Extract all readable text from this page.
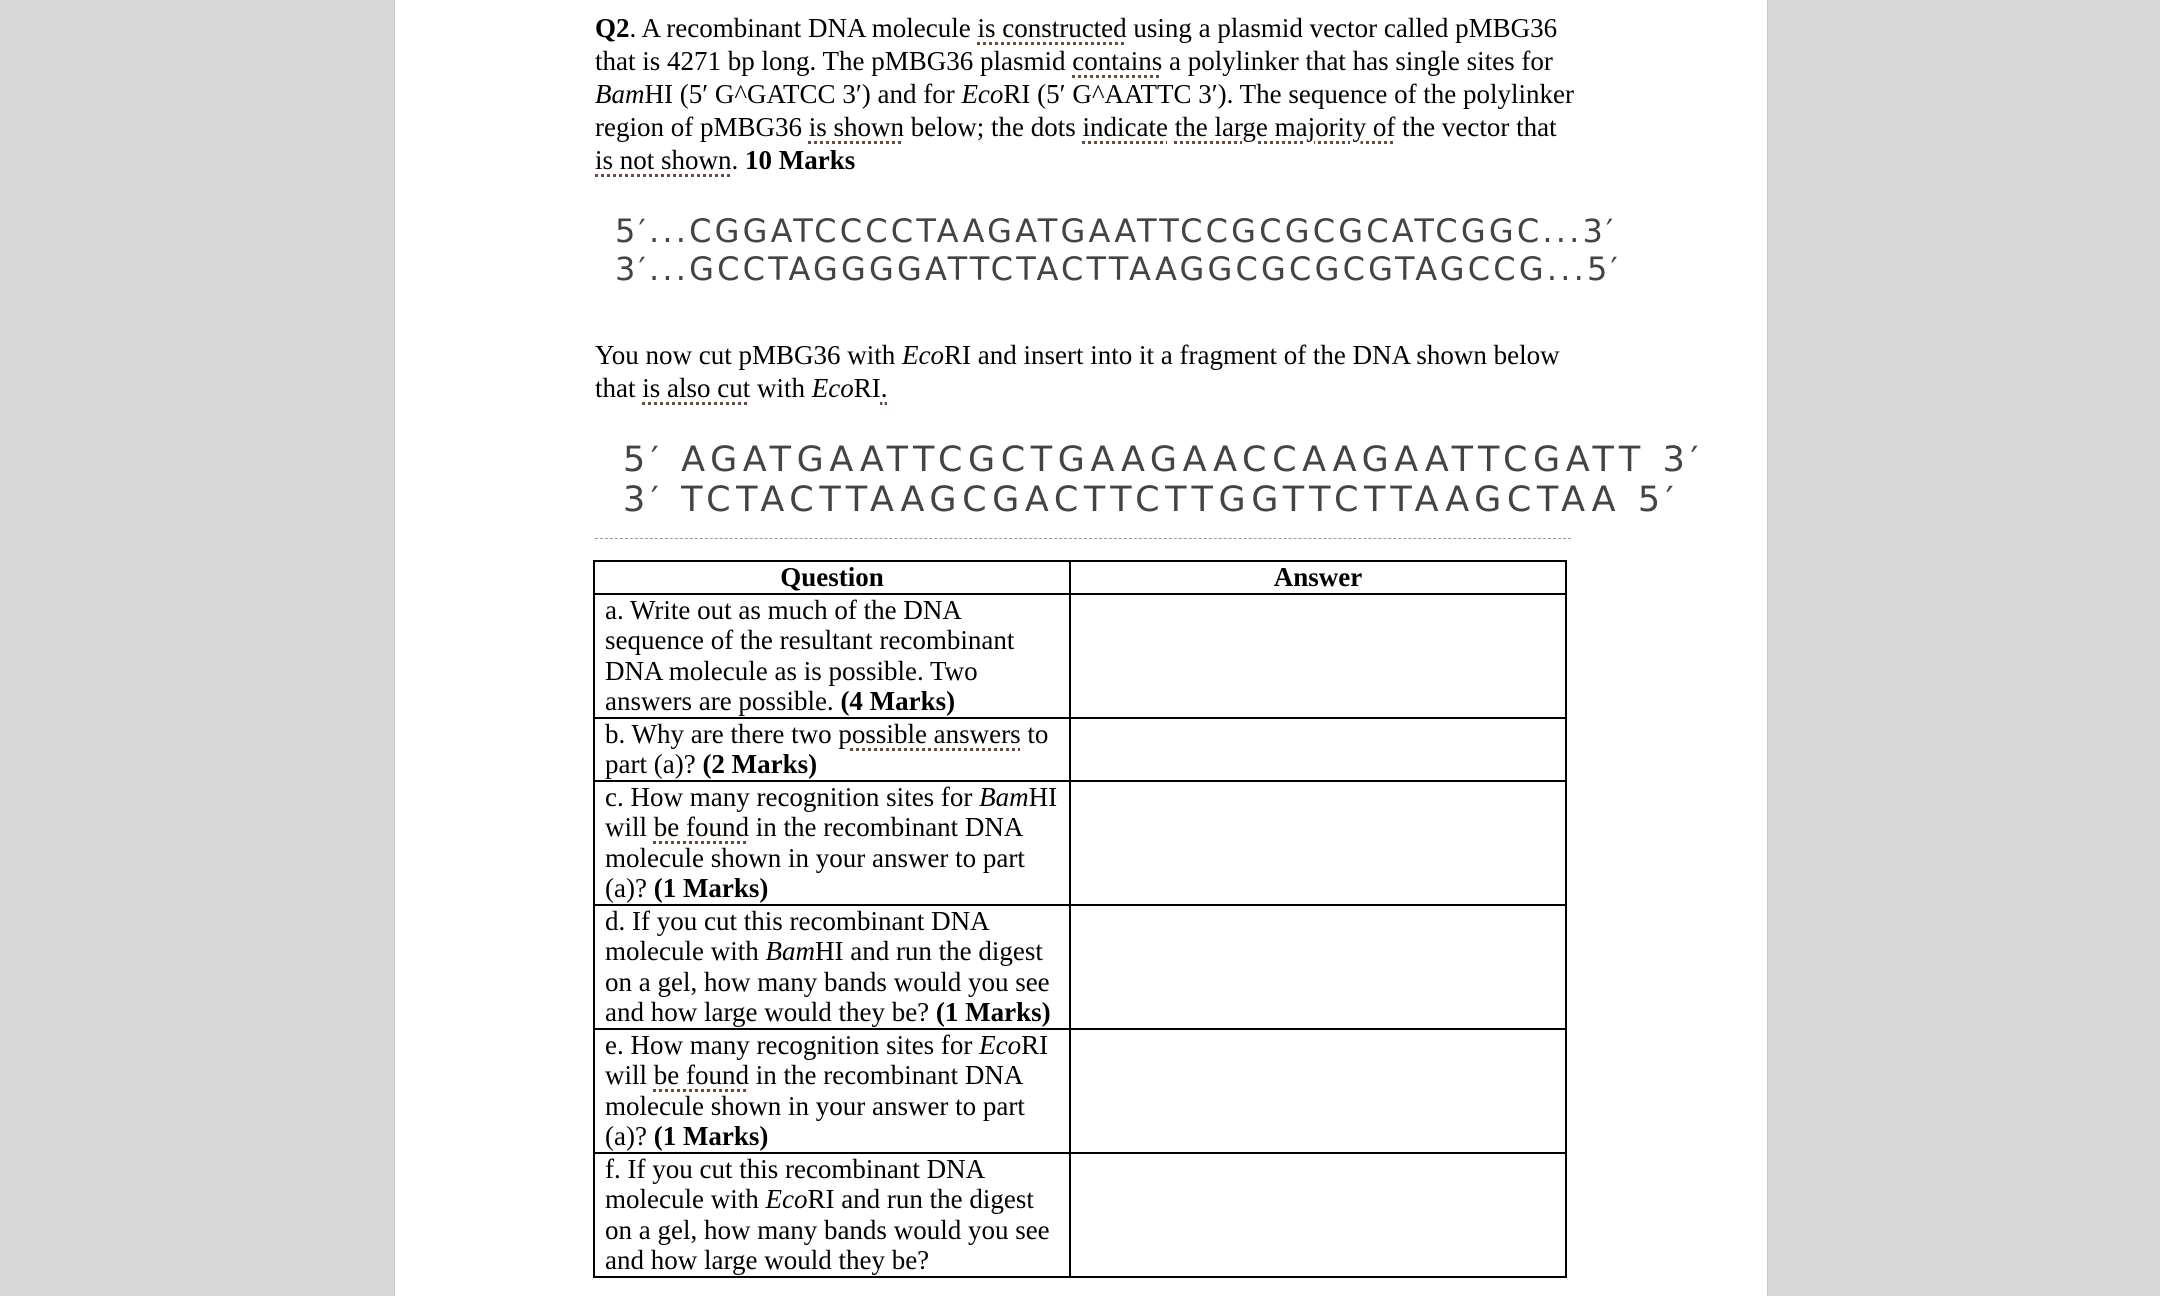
Q2. A recombinant DNA molecule is constructed using a plasmid vector called pMBG36 that is 4271 bp long. The pMBG36 plasmid contains a polylinker that has single sites for BamHI (5′ G^GATCC 3′) and for EcoRI (5′ G^AATTC 3′). The sequence of the polylinker region of pMBG36 is shown below; the dots indicate the large majority of the vector that is not shown. 10 Marks

5′...CGGATCCCCTAAGATGAATTCCGCGCGCATCGGC...3′
3′...GCCTAGGGGATTCTACTTAAGGCGCGCGTAGCCG...5′

You now cut pMBG36 with EcoRI and insert into it a fragment of the DNA shown below that is also cut with EcoRI.

5′ AGATGAATTCGCTGAAGAACCAAGAATTCGATT 3′
3′ TCTACTTAAGCGACTTCTTGGTTCTTAAGCTAA 5′
Question	Answer
a. Write out as much of the DNA sequence of the resultant recombinant DNA molecule as is possible. Two answers are possible. (4 Marks)	
b. Why are there two possible answers to part (a)? (2 Marks)	
c. How many recognition sites for BamHI will be found in the recombinant DNA molecule shown in your answer to part (a)? (1 Marks)	
d. If you cut this recombinant DNA molecule with BamHI and run the digest on a gel, how many bands would you see and how large would they be? (1 Marks)	
e. How many recognition sites for EcoRI will be found in the recombinant DNA molecule shown in your answer to part (a)? (1 Marks)	
f. If you cut this recombinant DNA molecule with EcoRI and run the digest on a gel, how many bands would you see and how large would they be?	
